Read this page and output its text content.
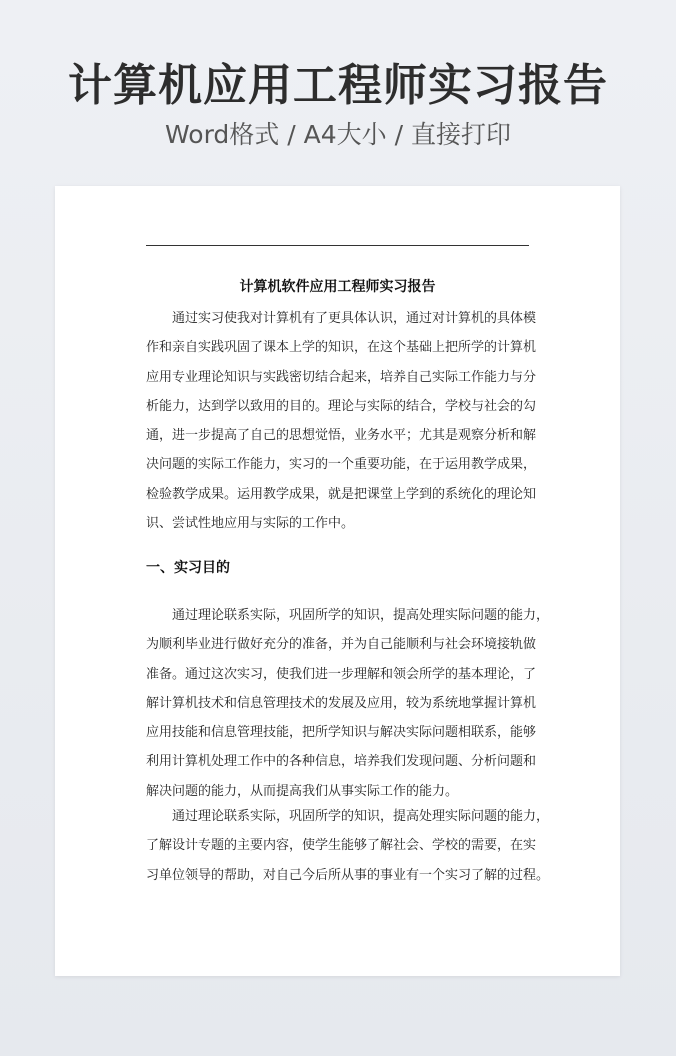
计算机应用工程师实习报告
Word格式 / A4大小 / 直接打印
计算机软件应用工程师实习报告
　　通过实习使我对计算机有了更具体认识，通过对计算机的具体模
作和亲自实践巩固了课本上学的知识，在这个基础上把所学的计算机
应用专业理论知识与实践密切结合起来，培养自己实际工作能力与分
析能力，达到学以致用的目的。理论与实际的结合，学校与社会的勾
通，进一步提高了自己的思想觉悟，业务水平；尤其是观察分析和解
决问题的实际工作能力，实习的一个重要功能，在于运用教学成果，
检验教学成果。运用教学成果，就是把课堂上学到的系统化的理论知
识、尝试性地应用与实际的工作中。
一、实习目的
　　通过理论联系实际，巩固所学的知识，提高处理实际问题的能力，
为顺利毕业进行做好充分的准备，并为自己能顺利与社会环境接轨做
准备。通过这次实习，使我们进一步理解和领会所学的基本理论，了
解计算机技术和信息管理技术的发展及应用，较为系统地掌握计算机
应用技能和信息管理技能，把所学知识与解决实际问题相联系，能够
利用计算机处理工作中的各种信息，培养我们发现问题、分析问题和
解决问题的能力，从而提高我们从事实际工作的能力。
　　通过理论联系实际，巩固所学的知识，提高处理实际问题的能力，
了解设计专题的主要内容，使学生能够了解社会、学校的需要，在实
习单位领导的帮助，对自己今后所从事的事业有一个实习了解的过程。
